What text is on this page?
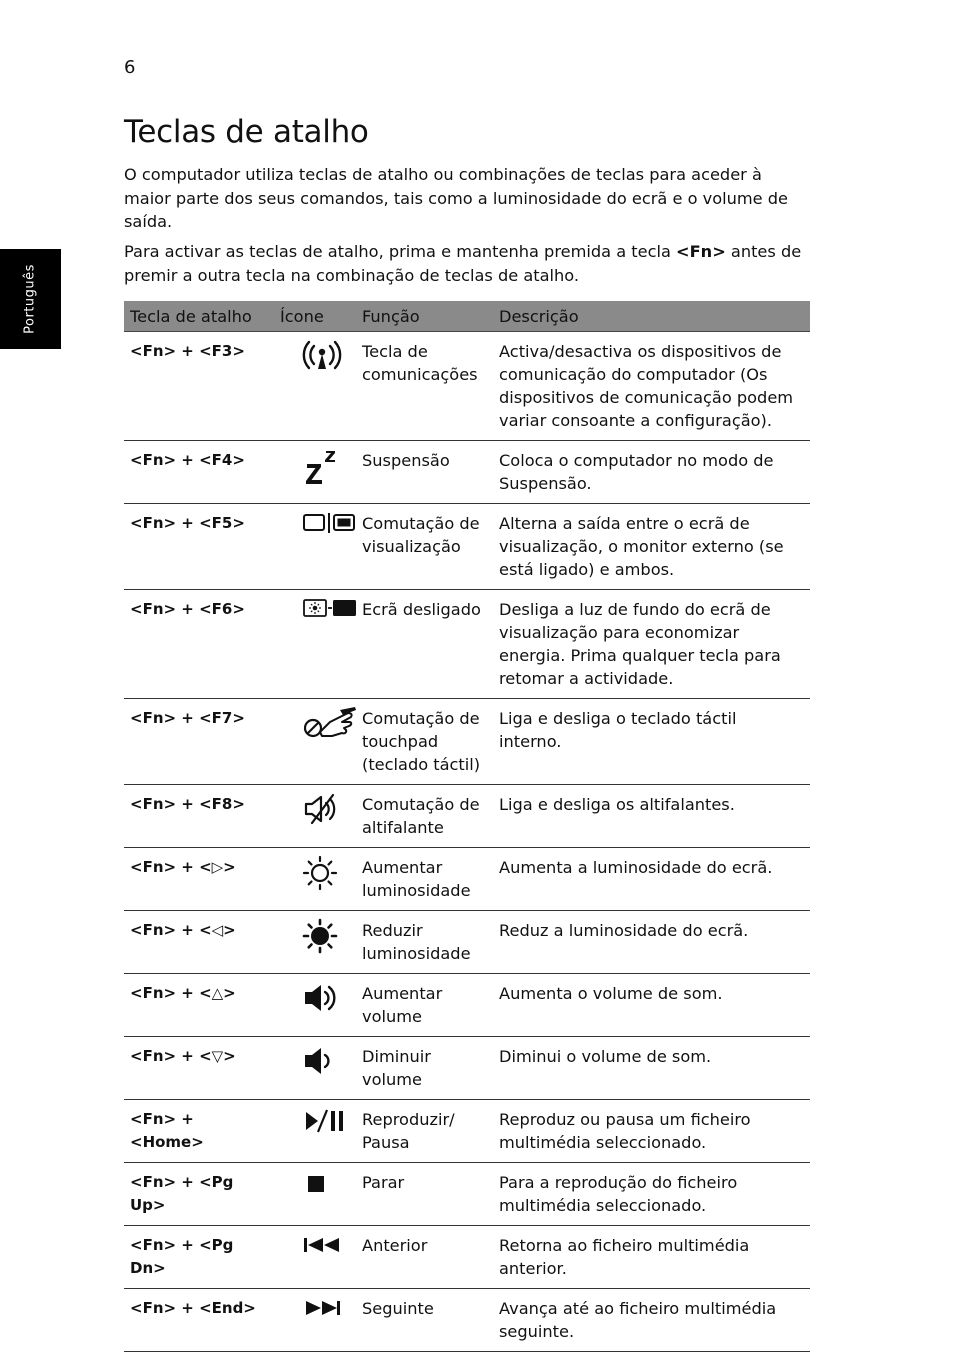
6
Português
Teclas de atalho

O computador utiliza teclas de atalho ou combinações de teclas para aceder à maior parte dos seus comandos, tais como a luminosidade do ecrã e o volume de saída.

Para activar as teclas de atalho, prima e mantenha premida a tecla <Fn> antes de premir a outra tecla na combinação de teclas de atalho.

Tecla de atalho	Ícone	Função	Descrição
<Fn> + <F3>		Tecla de comunicações	Activa/desactiva os dispositivos de comunicação do computador (Os dispositivos de comunicação podem variar consoante a configuração).
<Fn> + <F4>		Suspensão	Coloca o computador no modo de Suspensão.
<Fn> + <F5>		Comutação de visualização	Alterna a saída entre o ecrã de visualização, o monitor externo (se está ligado) e ambos.
<Fn> + <F6>		Ecrã desligado	Desliga a luz de fundo do ecrã de visualização para economizar energia. Prima qualquer tecla para retomar a actividade.
<Fn> + <F7>		Comutação de touchpad (teclado táctil)	Liga e desliga o teclado táctil interno.
<Fn> + <F8>		Comutação de altifalante	Liga e desliga os altifalantes.
<Fn> + <▷>		Aumentar luminosidade	Aumenta a luminosidade do ecrã.
<Fn> + <◁>		Reduzir luminosidade	Reduz a luminosidade do ecrã.
<Fn> + <△>		Aumentar volume	Aumenta o volume de som.
<Fn> + <▽>		Diminuir volume	Diminui o volume de som.
<Fn> + <Home>		Reproduzir/ Pausa	Reproduz ou pausa um ficheiro multimédia seleccionado.
<Fn> + <Pg Up>		Parar	Para a reprodução do ficheiro multimédia seleccionado.
<Fn> + <Pg Dn>		Anterior	Retorna ao ficheiro multimédia anterior.
<Fn> + <End>		Seguinte	Avança até ao ficheiro multimédia seguinte.
